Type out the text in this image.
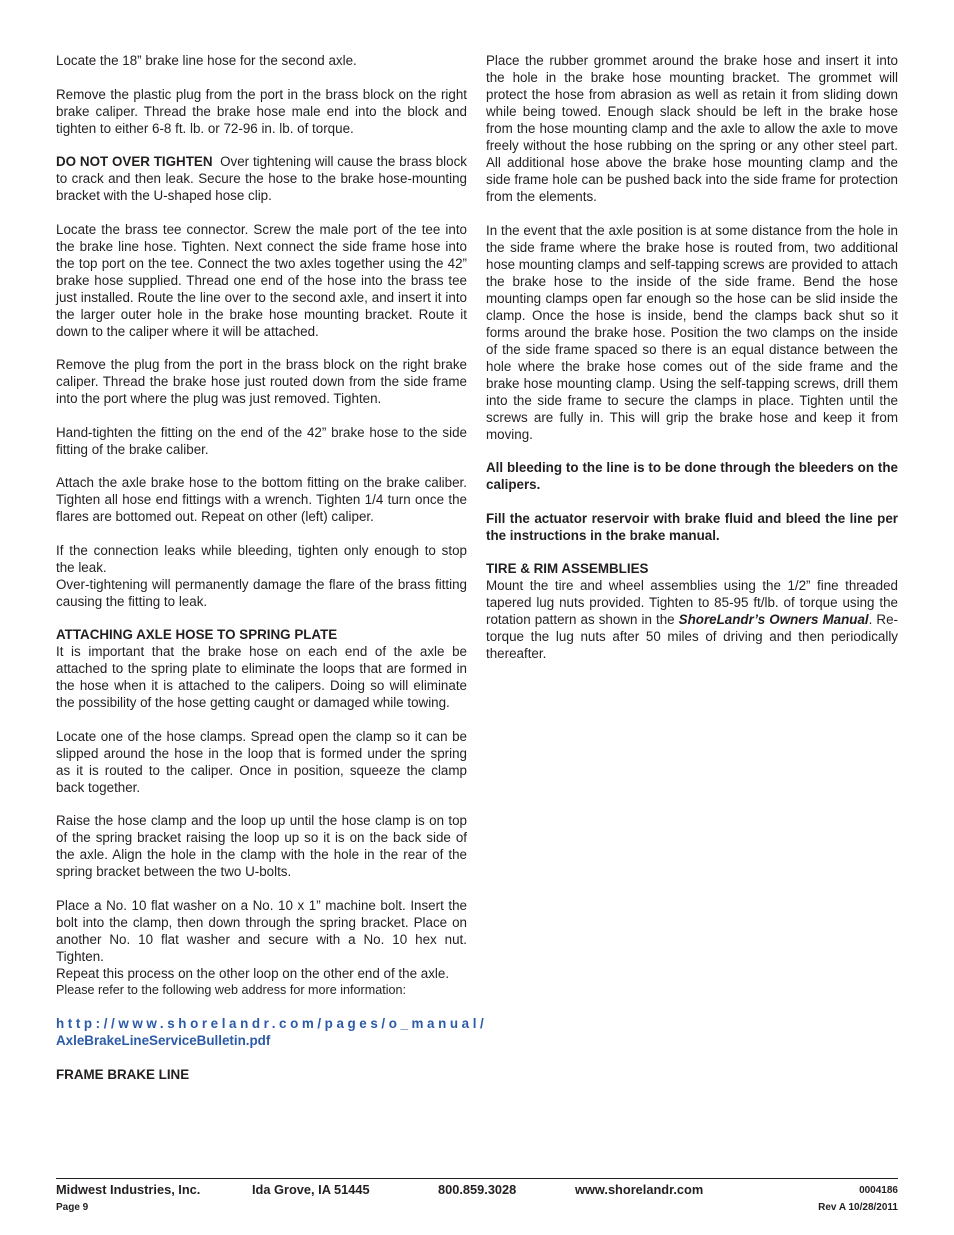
Locate the 18” brake line hose for the second axle.

Remove the plastic plug from the port in the brass block on the right brake caliper. Thread the brake hose male end into the block and tighten to either 6-8 ft. lb. or 72-96 in. lb. of torque.

DO NOT OVER TIGHTEN  Over tightening will cause the brass block to crack and then leak. Secure the hose to the brake hose-mounting bracket with the U-shaped hose clip.

Locate the brass tee connector. Screw the male port of the tee into the brake line hose. Tighten. Next connect the side frame hose into the top port on the tee. Connect the two axles together using the 42” brake hose supplied. Thread one end of the hose into the brass tee just installed. Route the line over to the second axle, and insert it into the larger outer hole in the brake hose mounting bracket. Route it down to the caliper where it will be attached.

Remove the plug from the port in the brass block on the right brake caliper. Thread the brake hose just routed down from the side frame into the port where the plug was just removed. Tighten.

Hand-tighten the fitting on the end of the 42” brake hose to the side fitting of the brake caliber.

Attach the axle brake hose to the bottom fitting on the brake caliber. Tighten all hose end fittings with a wrench. Tighten 1/4 turn once the flares are bottomed out. Repeat on other (left) caliper.

If the connection leaks while bleeding, tighten only enough to stop the leak.

Over-tightening will permanently damage the flare of the brass fitting causing the fitting to leak.

ATTACHING AXLE HOSE TO SPRING PLATE

It is important that the brake hose on each end of the axle be attached to the spring plate to eliminate the loops that are formed in the hose when it is attached to the calipers. Doing so will eliminate the possibility of the hose getting caught or damaged while towing.

Locate one of the hose clamps. Spread open the clamp so it can be slipped around the hose in the loop that is formed under the spring as it is routed to the caliper. Once in position, squeeze the clamp back together.

Raise the hose clamp and the loop up until the hose clamp is on top of the spring bracket raising the loop up so it is on the back side of the axle. Align the hole in the clamp with the hole in the rear of the spring bracket between the two U-bolts.

Place a No. 10 flat washer on a No. 10 x 1” machine bolt. Insert the bolt into the clamp, then down through the spring bracket. Place on another No. 10 flat washer and secure with a No. 10 hex nut. Tighten.

Repeat this process on the other loop on the other end of the axle.

Please refer to the following web address for more information:

http://www.shorelandr.com/pages/o_manual/
AxleBrakeLineServiceBulletin.pdf
FRAME BRAKE LINE

Place the rubber grommet around the brake hose and insert it into the hole in the brake hose mounting bracket. The grommet will protect the hose from abrasion as well as retain it from sliding down while being towed. Enough slack should be left in the brake hose from the hose mounting clamp and the axle to allow the axle to move freely without the hose rubbing on the spring or any other steel part. All additional hose above the brake hose mounting clamp and the side frame hole can be pushed back into the side frame for protection from the elements.

In the event that the axle position is at some distance from the hole in the side frame where the brake hose is routed from, two additional hose mounting clamps and self-tapping screws are provided to attach the brake hose to the inside of the side frame. Bend the hose mounting clamps open far enough so the hose can be slid inside the clamp. Once the hose is inside, bend the clamps back shut so it forms around the brake hose. Position the two clamps on the inside of the side frame spaced so there is an equal distance between the hole where the brake hose comes out of the side frame and the brake hose mounting clamp. Using the self-tapping screws, drill them into the side frame to secure the clamps in place. Tighten until the screws are fully in. This will grip the brake hose and keep it from moving.

All bleeding to the line is to be done through the bleeders on the calipers.

Fill the actuator reservoir with brake fluid and bleed the line per the instructions in the brake manual.

TIRE & RIM ASSEMBLIES

Mount the tire and wheel assemblies using the 1/2” fine threaded tapered lug nuts provided. Tighten to 85-95 ft/lb. of torque using the rotation pattern as shown in the ShoreLandr’s Owners Manual. Re-torque the lug nuts after 50 miles of driving and then periodically thereafter.

Midwest Industries, Inc.	Ida Grove, IA 51445	800.859.3028	www.shorelandr.com	0004186
Page 9	Rev A 10/28/2011
